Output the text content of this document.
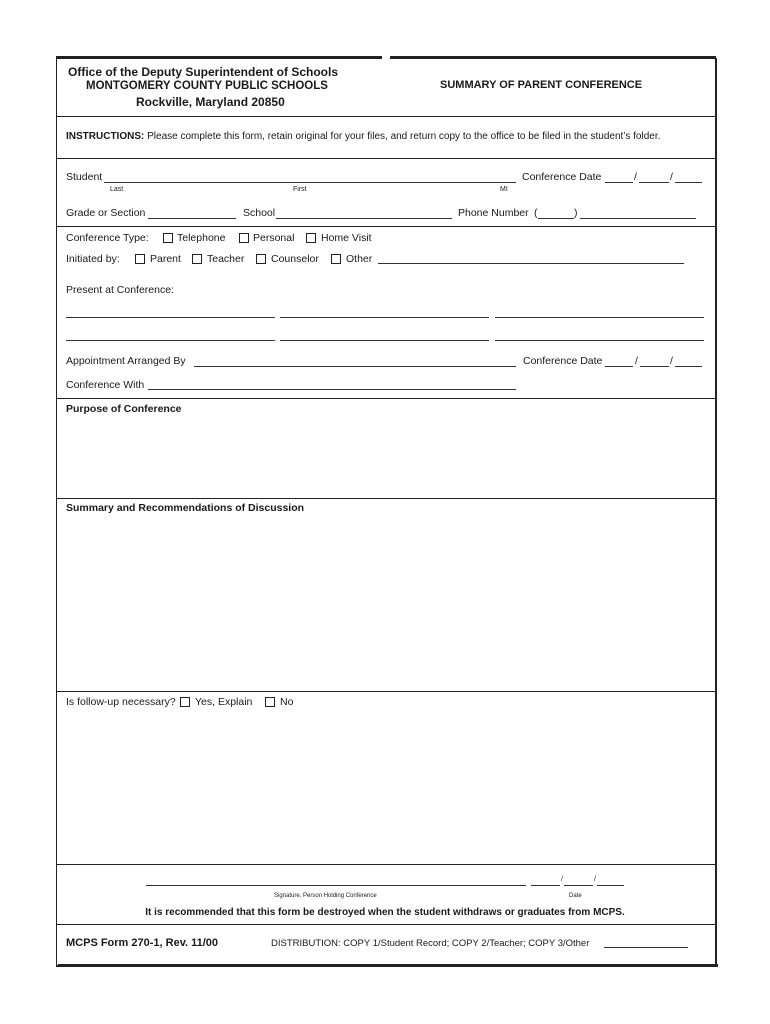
Office of the Deputy Superintendent of Schools
MONTGOMERY COUNTY PUBLIC SCHOOLS
Rockville, Maryland 20850
SUMMARY OF PARENT CONFERENCE
INSTRUCTIONS: Please complete this form, retain original for your files, and return copy to the office to be filed in the student’s folder.
Student
Last	First	MI
Conference Date	/	/
Grade or Section	School	Phone Number (	)
Conference Type:	Telephone	Personal	Home Visit
Initiated by:	Parent Teacher	Counselor	Other
Present at Conference:
Appointment Arranged By	Conference Date	/	/
Conference With
Purpose of Conference
Summary and Recommendations of Discussion
Is follow-up necessary? Yes, Explain	No
Signature, Person Holding Conference
/	/
Date
It is recommended that this form be destroyed when the student withdraws or graduates from MCPS.
MCPS Form 270-1, Rev. 11/00	DISTRIBUTION: COPY 1/Student Record; COPY 2/Teacher; COPY 3/Other
